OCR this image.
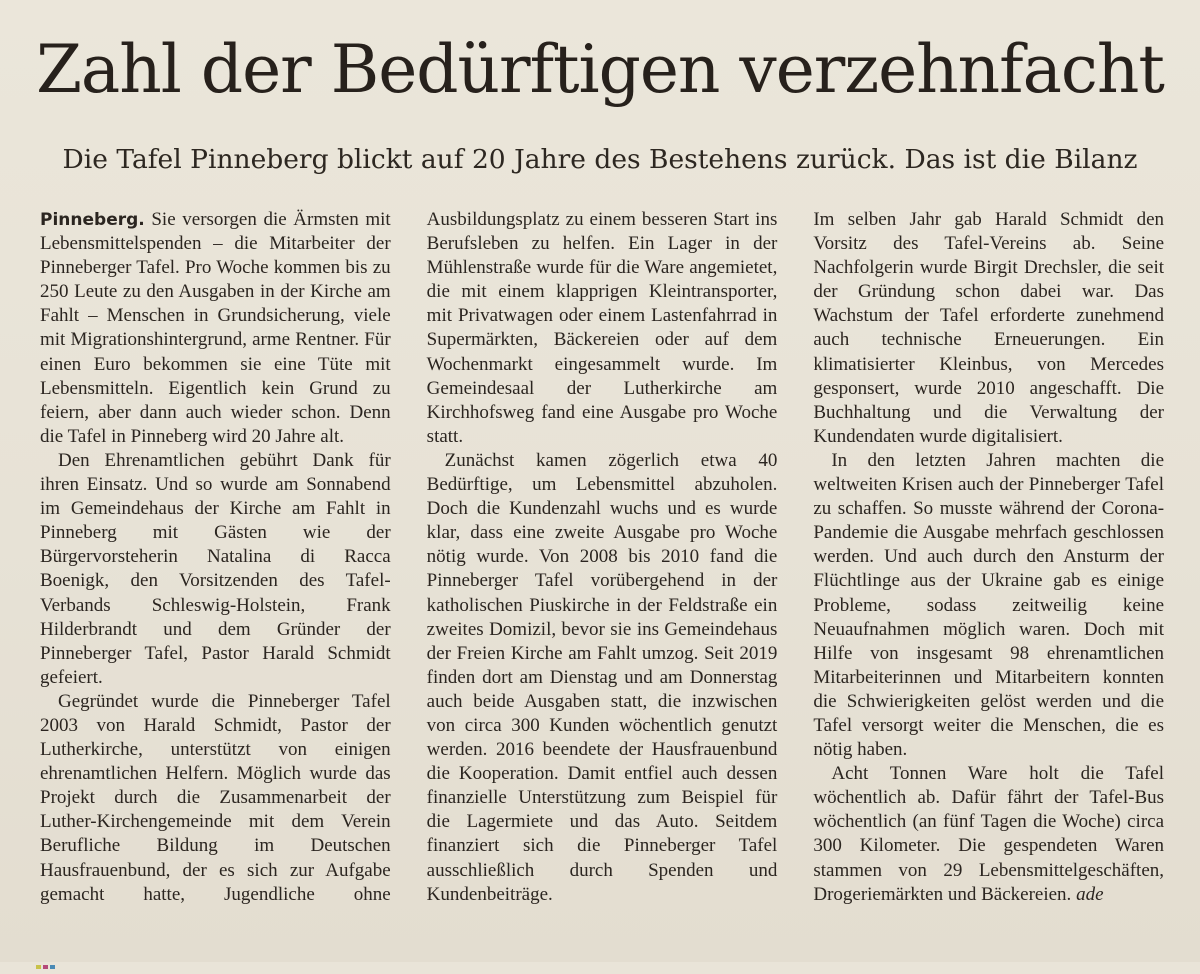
Zahl der Bedürftigen verzehnfacht
Die Tafel Pinneberg blickt auf 20 Jahre des Bestehens zurück. Das ist die Bilanz

Pinneberg. Sie versorgen die Ärmsten mit Lebensmittelspenden – die Mitarbeiter der Pinneberger Tafel. Pro Woche kommen bis zu 250 Leute zu den Ausgaben in der Kirche am Fahlt – Menschen in Grundsicherung, viele mit Migrationshintergrund, arme Rentner. Für einen Euro bekommen sie eine Tüte mit Lebensmitteln. Eigentlich kein Grund zu feiern, aber dann auch wieder schon. Denn die Tafel in Pinneberg wird 20 Jahre alt.

Den Ehrenamtlichen gebührt Dank für ihren Einsatz. Und so wurde am Sonnabend im Gemeindehaus der Kirche am Fahlt in Pinneberg mit Gästen wie der Bürgervorsteherin Natalina di Racca Boenigk, den Vorsitzenden des Tafel-Verbands Schleswig-Holstein, Frank Hilderbrandt und dem Gründer der Pinneberger Tafel, Pastor Harald Schmidt gefeiert.

Gegründet wurde die Pinneberger Tafel 2003 von Harald Schmidt, Pastor der Lutherkirche, unterstützt von einigen ehrenamtlichen Helfern. Möglich wurde das Projekt durch die Zusammenarbeit der Luther-Kirchengemeinde mit dem Verein Berufliche Bildung im Deutschen Hausfrauenbund, der es sich zur Aufgabe gemacht hatte, Jugendliche ohne

Ausbildungsplatz zu einem besseren Start ins Berufsleben zu helfen. Ein Lager in der Mühlenstraße wurde für die Ware angemietet, die mit einem klapprigen Kleintransporter, mit Privatwagen oder einem Lastenfahrrad in Supermärkten, Bäckereien oder auf dem Wochenmarkt eingesammelt wurde. Im Gemeindesaal der Lutherkirche am Kirchhofsweg fand eine Ausgabe pro Woche statt.

Zunächst kamen zögerlich etwa 40 Bedürftige, um Lebensmittel abzuholen. Doch die Kundenzahl wuchs und es wurde klar, dass eine zweite Ausgabe pro Woche nötig wurde. Von 2008 bis 2010 fand die Pinneberger Tafel vorübergehend in der katholischen Piuskirche in der Feldstraße ein zweites Domizil, bevor sie ins Gemeindehaus der Freien Kirche am Fahlt umzog. Seit 2019 finden dort am Dienstag und am Donnerstag auch beide Ausgaben statt, die inzwischen von circa 300 Kunden wöchentlich genutzt werden. 2016 beendete der Hausfrauenbund die Kooperation. Damit entfiel auch dessen finanzielle Unterstützung zum Beispiel für die Lagermiete und das Auto. Seitdem finanziert sich die Pinneberger Tafel ausschließlich durch Spenden und Kundenbeiträge.

Im selben Jahr gab Harald Schmidt den Vorsitz des Tafel-Vereins ab. Seine Nachfolgerin wurde Birgit Drechsler, die seit der Gründung schon dabei war. Das Wachstum der Tafel erforderte zunehmend auch technische Erneuerungen. Ein klimatisierter Kleinbus, von Mercedes gesponsert, wurde 2010 angeschafft. Die Buchhaltung und die Verwaltung der Kundendaten wurde digitalisiert.

In den letzten Jahren machten die weltweiten Krisen auch der Pinneberger Tafel zu schaffen. So musste während der Corona-Pandemie die Ausgabe mehrfach geschlossen werden. Und auch durch den Ansturm der Flüchtlinge aus der Ukraine gab es einige Probleme, sodass zeitweilig keine Neuaufnahmen möglich waren. Doch mit Hilfe von insgesamt 98 ehrenamtlichen Mitarbeiterinnen und Mitarbeitern konnten die Schwierigkeiten gelöst werden und die Tafel versorgt weiter die Menschen, die es nötig haben.

Acht Tonnen Ware holt die Tafel wöchentlich ab. Dafür fährt der Tafel-Bus wöchentlich (an fünf Tagen die Woche) circa 300 Kilometer. Die gespendeten Waren stammen von 29 Lebensmittelgeschäften, Drogeriemärkten und Bäckereien. ade
